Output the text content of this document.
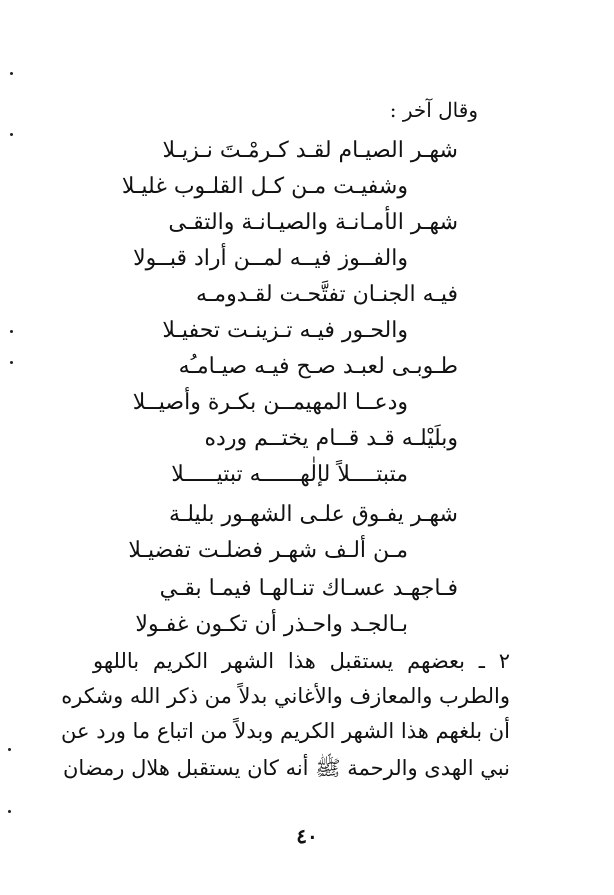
وقال آخر :
شهـر الصيـام لقـد كـرمْـتَ نـزيـلا
وشفيـت مـن كـل القلـوب غليـلا
شهـر الأمـانـة والصيـانـة والتقـى
والفــوز فيــه لمــن أراد قبــولا
فيـه الجنـان تفتَّحـت لقـدومـه
والحـور فيـه تـزينـت تحفيـلا
طـوبـى لعبـد صـح فيـه صيـامـُه
ودعــا المهيمــن بكـرة وأصيــلا
وبلَيْلـه قـد قــام يختــم ورده
متبتــــلاً لإلٰهــــــه تبتيـــــلا
شهـر يفـوق علـى الشهـور بليلـة
مـن ألـف شهـر فضلـت تفضيـلا
فـاجهـد عسـاك تنـالهـا فيمـا بقـي
بـالجـد واحـذر أن تكـون غفـولا
٢ ـ بعضهم يستقبل هذا الشهر الكريم باللهو
والطرب والمعازف والأغاني بدلاً من ذكر الله وشكره
أن بلغهم هذا الشهر الكريم وبدلاً من اتباع ما ورد عن
نبي الهدى والرحمة ﷺ أنه كان يستقبل هلال رمضان
٤٠
